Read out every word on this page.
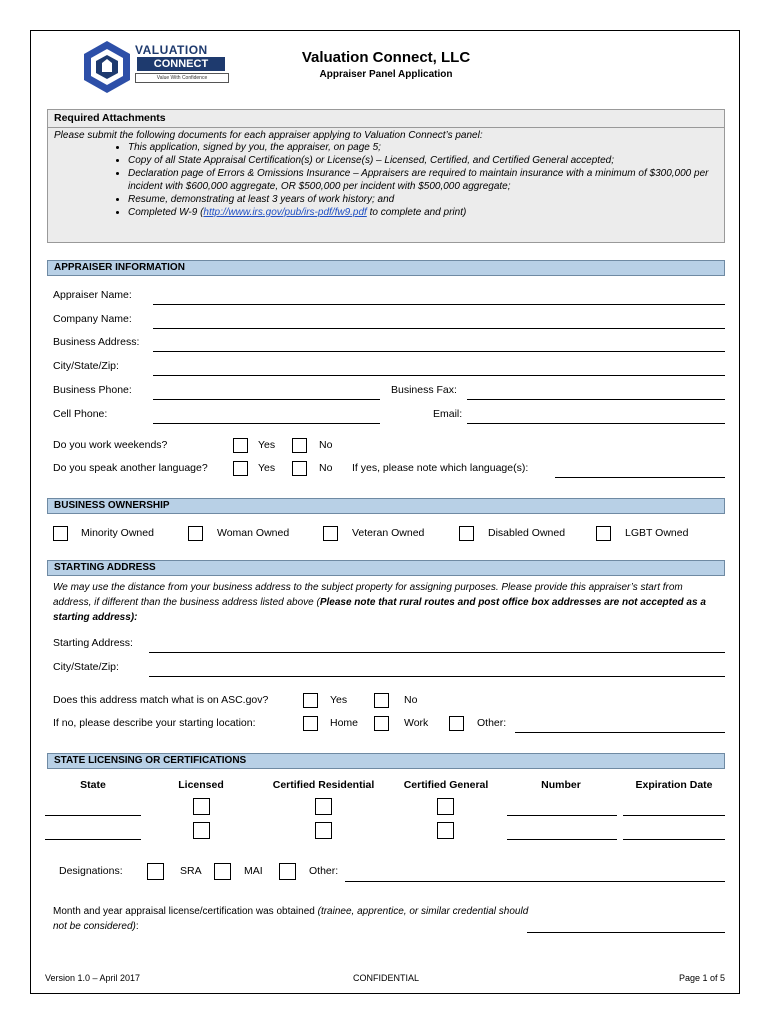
VALUATION
CONNECT
Value With Confidence
Valuation Connect, LLC
Appraiser Panel Application
Required Attachments
Please submit the following documents for each appraiser applying to Valuation Connect’s panel:
• This application, signed by you, the appraiser, on page 5;
• Copy of all State Appraisal Certification(s) or License(s) – Licensed, Certified, and Certified General accepted;
• Declaration page of Errors & Omissions Insurance – Appraisers are required to maintain insurance with a minimum of $300,000 per incident with $600,000 aggregate, OR $500,000 per incident with $500,000 aggregate;
• Resume, demonstrating at least 3 years of work history; and
• Completed W-9 (http://www.irs.gov/pub/irs-pdf/fw9.pdf to complete and print)
APPRAISER INFORMATION
Appraiser Name:
Company Name:
Business Address:
City/State/Zip:
Business Phone:	Business Fax:
Cell Phone:	Email:
Do you work weekends?	Yes	No
Do you speak another language?	Yes	No If yes, please note which language(s):
BUSINESS OWNERSHIP
Minority Owned	Woman Owned	Veteran Owned	Disabled Owned	LGBT Owned
STARTING ADDRESS
We may use the distance from your business address to the subject property for assigning purposes. Please provide this appraiser’s start from address, if different than the business address listed above (Please note that rural routes and post office box addresses are not accepted as a starting address):
Starting Address:
City/State/Zip:
Does this address match what is on ASC.gov?	Yes	No
If no, please describe your starting location:	Home	Work	Other:
STATE LICENSING OR CERTIFICATIONS
State	Licensed	Certified Residential	Certified General	Number	Expiration Date
Designations:	SRA	MAI	Other:
Month and year appraisal license/certification was obtained (trainee, apprentice, or similar credential should not be considered):
Version 1.0 – April 2017	CONFIDENTIAL	Page 1 of 5
